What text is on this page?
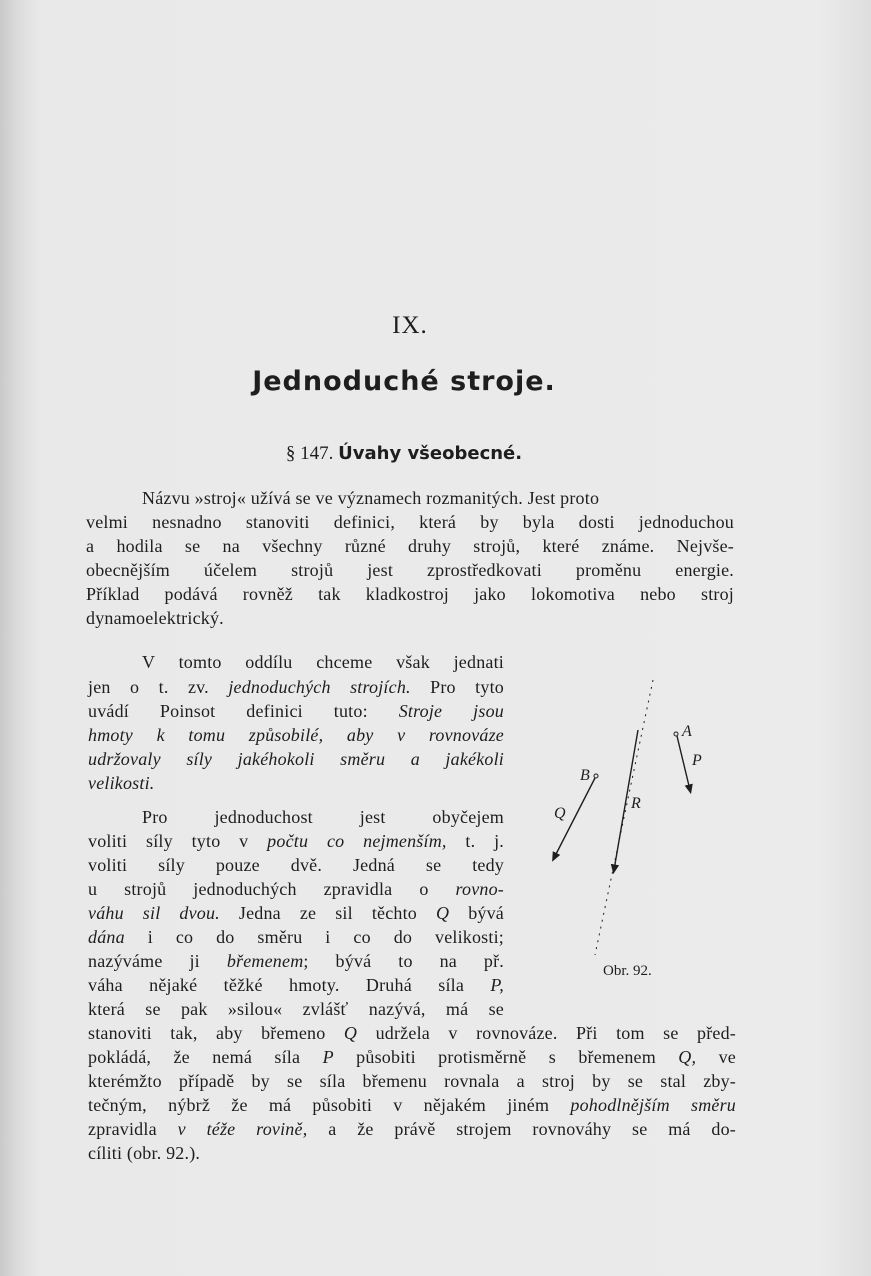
IX.
Jednoduché stroje.
§ 147. Úvahy všeobecné.
Názvu »stroj« užívá se ve významech rozmanitých. Jest proto
velmi nesnadno stanoviti definici, která by byla dosti jednoduchou
a hodila se na všechny různé druhy strojů, které známe. Nejvše-
obecnějším účelem strojů jest zprostředkovati proměnu energie.
Příklad podává rovněž tak kladkostroj jako lokomotiva nebo stroj
dynamoelektrický.
V tomto oddílu chceme však jednati
jen o t. zv. jednoduchých strojích. Pro tyto
uvádí Poinsot definici tuto: Stroje jsou
hmoty k tomu způsobilé, aby v rovnováze
udržovaly síly jakéhokoli směru a jakékoli
velikosti.
Pro jednoduchost jest obyčejem
voliti síly tyto v počtu co nejmenším, t. j.
voliti síly pouze dvě. Jedná se tedy
u strojů jednoduchých zpravidla o rovno-
váhu sil dvou. Jedna ze sil těchto Q bývá
dána i co do směru i co do velikosti;
nazýváme ji břemenem; bývá to na př.
váha nějaké těžké hmoty. Druhá síla P,
která se pak »silou« zvlášť nazývá, má se
stanoviti tak, aby břemeno Q udržela v rovnováze. Při tom se před-
pokládá, že nemá síla P působiti protisměrně s břemenem Q, ve
kterémžto případě by se síla břemenu rovnala a stroj by se stal zby-
tečným, nýbrž že má působiti v nějakém jiném pohodlnějším směru
zpravidla v téže rovině, a že právě strojem rovnováhy se má do-
cíliti (obr. 92.).
A
P
B
Q
R
Obr. 92.
